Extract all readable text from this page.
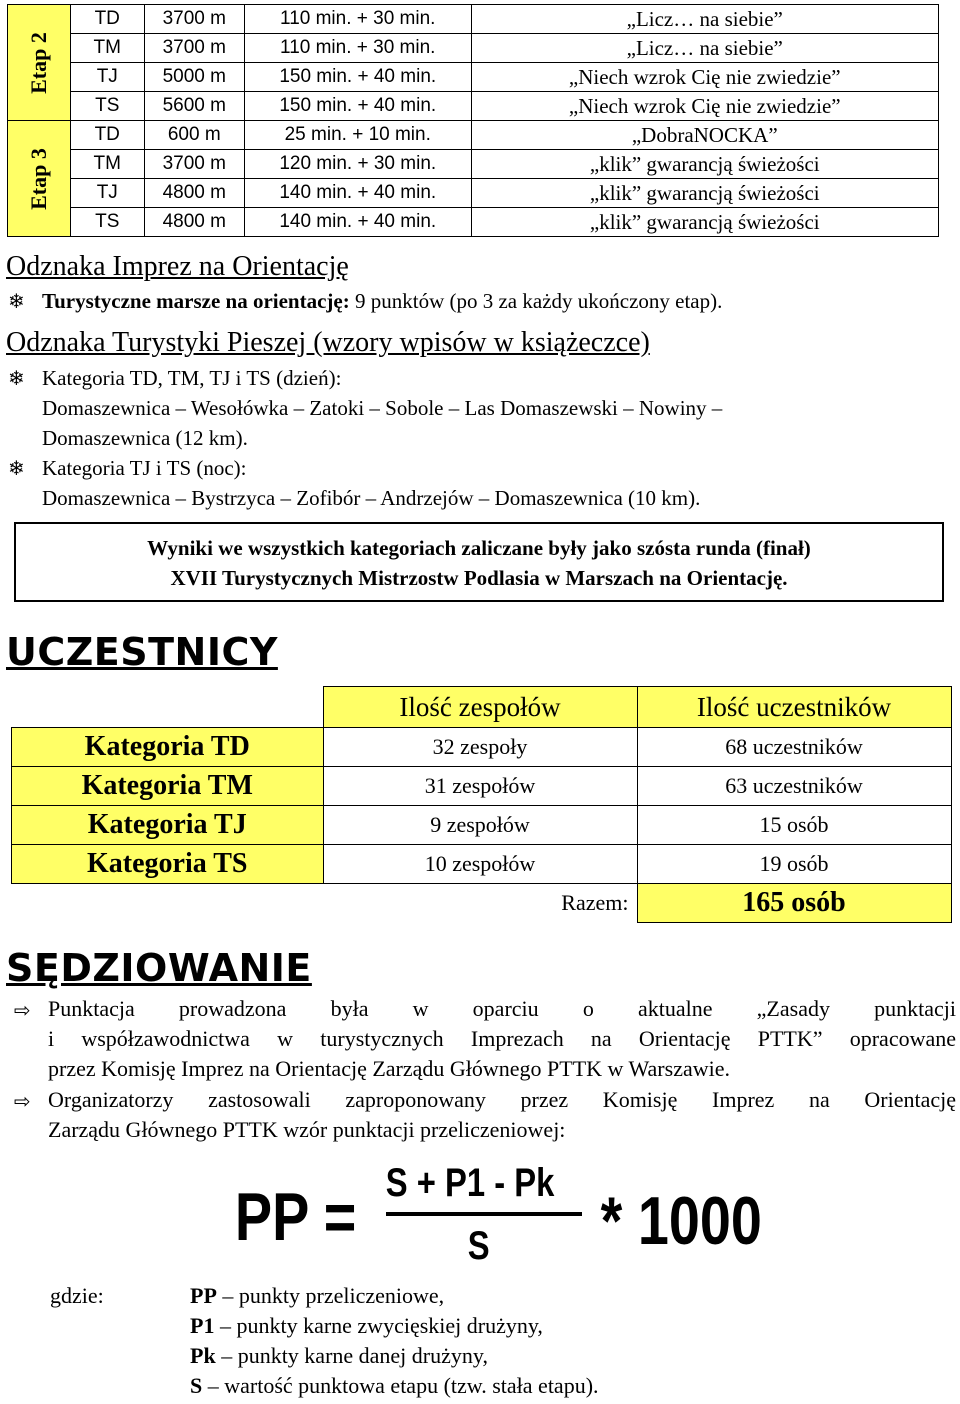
Etap 2	TD	3700 m	110 min. + 30 min.	„Licz… na siebie”
	TM	3700 m	110 min. + 30 min.	„Licz… na siebie”
	TJ	5000 m	150 min. + 40 min.	„Niech wzrok Cię nie zwiedzie”
	TS	5600 m	150 min. + 40 min.	„Niech wzrok Cię nie zwiedzie”
Etap 3	TD	600 m	25 min. + 10 min.	„DobraNOCKA”
	TM	3700 m	120 min. + 30 min.	„klik” gwarancją świeżości
	TJ	4800 m	140 min. + 40 min.	„klik” gwarancją świeżości
	TS	4800 m	140 min. + 40 min.	„klik” gwarancją świeżości
Odznaka Imprez na Orientację
❄ Turystyczne marsze na orientację: 9 punktów (po 3 za każdy ukończony etap).
Odznaka Turystyki Pieszej (wzory wpisów w książeczce)
❄ Kategoria TD, TM, TJ i TS (dzień):
Domaszewnica – Wesołówka – Zatoki – Sobole – Las Domaszewski – Nowiny –
Domaszewnica (12 km).
❄ Kategoria TJ i TS (noc):
Domaszewnica – Bystrzyca – Zofibór – Andrzejów – Domaszewnica (10 km).
Wyniki we wszystkich kategoriach zaliczane były jako szósta runda (finał)
XVII Turystycznych Mistrzostw Podlasia w Marszach na Orientację.
UCZESTNICY
	Ilość zespołów	Ilość uczestników
Kategoria TD	32 zespoły	68 uczestników
Kategoria TM	31 zespołów	63 uczestników
Kategoria TJ	9 zespołów	15 osób
Kategoria TS	10 zespołów	19 osób
	Razem:	165 osób
SĘDZIOWANIE
⇨ Punktacja prowadzona była w oparciu o aktualne „Zasady punktacji
i współzawodnictwa w turystycznych Imprezach na Orientację PTTK” opracowane
przez Komisję Imprez na Orientację Zarządu Głównego PTTK w Warszawie.
⇨ Organizatorzy zastosowali zaproponowany przez Komisję Imprez na Orientację
Zarządu Głównego PTTK wzór punktacji przeliczeniowej:
PP = S + P1 - Pk
S * 1000
gdzie:	PP – punkty przeliczeniowe,
P1 – punkty karne zwycięskiej drużyny,
Pk – punkty karne danej drużyny,
S – wartość punktowa etapu (tzw. stała etapu).
